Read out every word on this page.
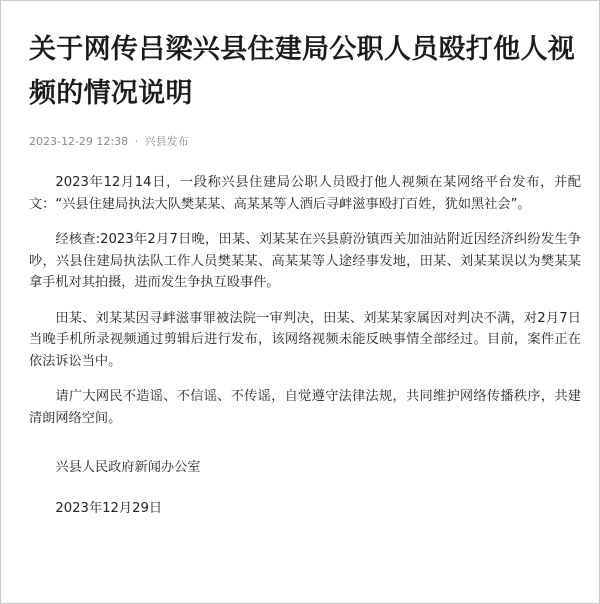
关于网传吕梁兴县住建局公职人员殴打他人视频的情况说明
2023-12-29 12:38 · 兴县发布

2023年12月14日，一段称兴县住建局公职人员殴打他人视频在某网络平台发布，并配文：“兴县住建局执法大队樊某某、高某某等人酒后寻衅滋事殴打百姓，犹如黑社会”。

经核查:2023年2月7日晚，田某、刘某某在兴县蔚汾镇西关加油站附近因经济纠纷发生争吵，兴县住建局执法队工作人员樊某某、高某某等人途经事发地，田某、刘某某误以为樊某某拿手机对其拍摄，进而发生争执互殴事件。

田某、刘某某因寻衅滋事罪被法院一审判决，田某、刘某某家属因对判决不满，对2月7日当晚手机所录视频通过剪辑后进行发布，该网络视频未能反映事情全部经过。目前，案件正在依法诉讼当中。

请广大网民不造谣、不信谣、不传谣，自觉遵守法律法规，共同维护网络传播秩序，共建清朗网络空间。

兴县人民政府新闻办公室
2023年12月29日
